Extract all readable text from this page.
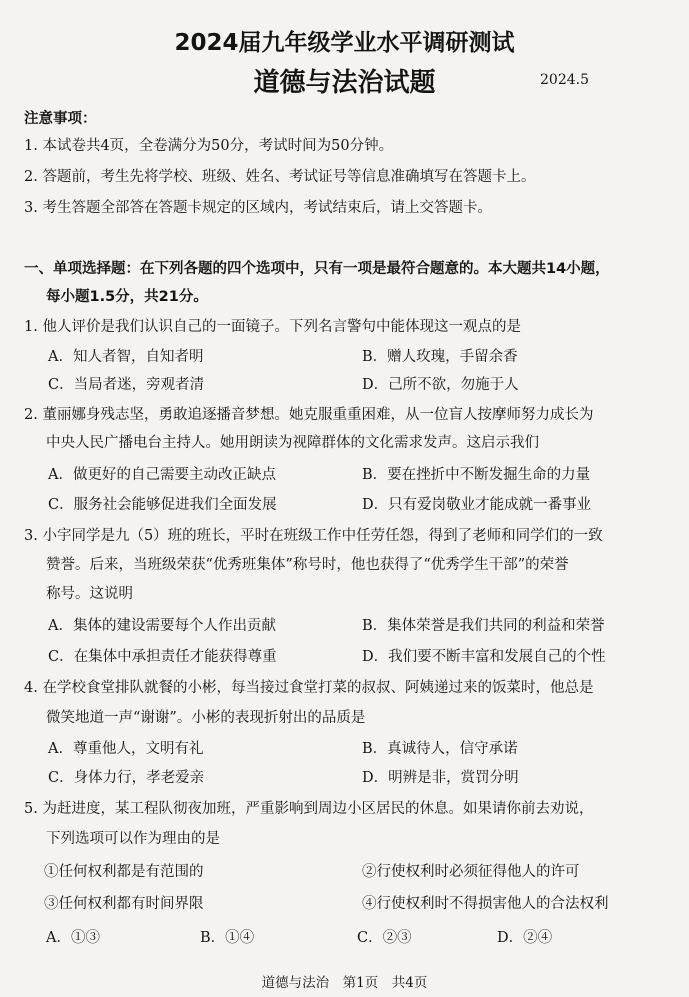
2024届九年级学业水平调研测试
道德与法治试题	2024.5
注意事项：
1. 本试卷共4页，全卷满分为50分，考试时间为50分钟。
2. 答题前，考生先将学校、班级、姓名、考试证号等信息准确填写在答题卡上。
3. 考生答题全部答在答题卡规定的区域内，考试结束后，请上交答题卡。
一、单项选择题：在下列各题的四个选项中，只有一项是最符合题意的。本大题共14小题，
每小题1.5分，共21分。
1. 他人评价是我们认识自己的一面镜子。下列名言警句中能体现这一观点的是
A．知人者智，自知者明	B．赠人玫瑰，手留余香
C．当局者迷，旁观者清	D．己所不欲，勿施于人
2. 董丽娜身残志坚，勇敢追逐播音梦想。她克服重重困难，从一位盲人按摩师努力成长为
中央人民广播电台主持人。她用朗读为视障群体的文化需求发声。这启示我们
A．做更好的自己需要主动改正缺点	B．要在挫折中不断发掘生命的力量
C．服务社会能够促进我们全面发展	D．只有爱岗敬业才能成就一番事业
3. 小宇同学是九（5）班的班长，平时在班级工作中任劳任怨，得到了老师和同学们的一致
赞誉。后来，当班级荣获“优秀班集体”称号时，他也获得了“优秀学生干部”的荣誉
称号。这说明
A．集体的建设需要每个人作出贡献	B．集体荣誉是我们共同的利益和荣誉
C．在集体中承担责任才能获得尊重	D．我们要不断丰富和发展自己的个性
4. 在学校食堂排队就餐的小彬，每当接过食堂打菜的叔叔、阿姨递过来的饭菜时，他总是
微笑地道一声“谢谢”。小彬的表现折射出的品质是
A．尊重他人，文明有礼	B．真诚待人，信守承诺
C．身体力行，孝老爱亲	D．明辨是非，赏罚分明
5. 为赶进度，某工程队彻夜加班，严重影响到周边小区居民的休息。如果请你前去劝说，
下列选项可以作为理由的是
①任何权利都是有范围的	②行使权利时必须征得他人的许可
③任何权利都有时间界限	④行使权利时不得损害他人的合法权利
A．①③	B．①④	C．②③	D．②④
道德与法治　第1页　共4页
